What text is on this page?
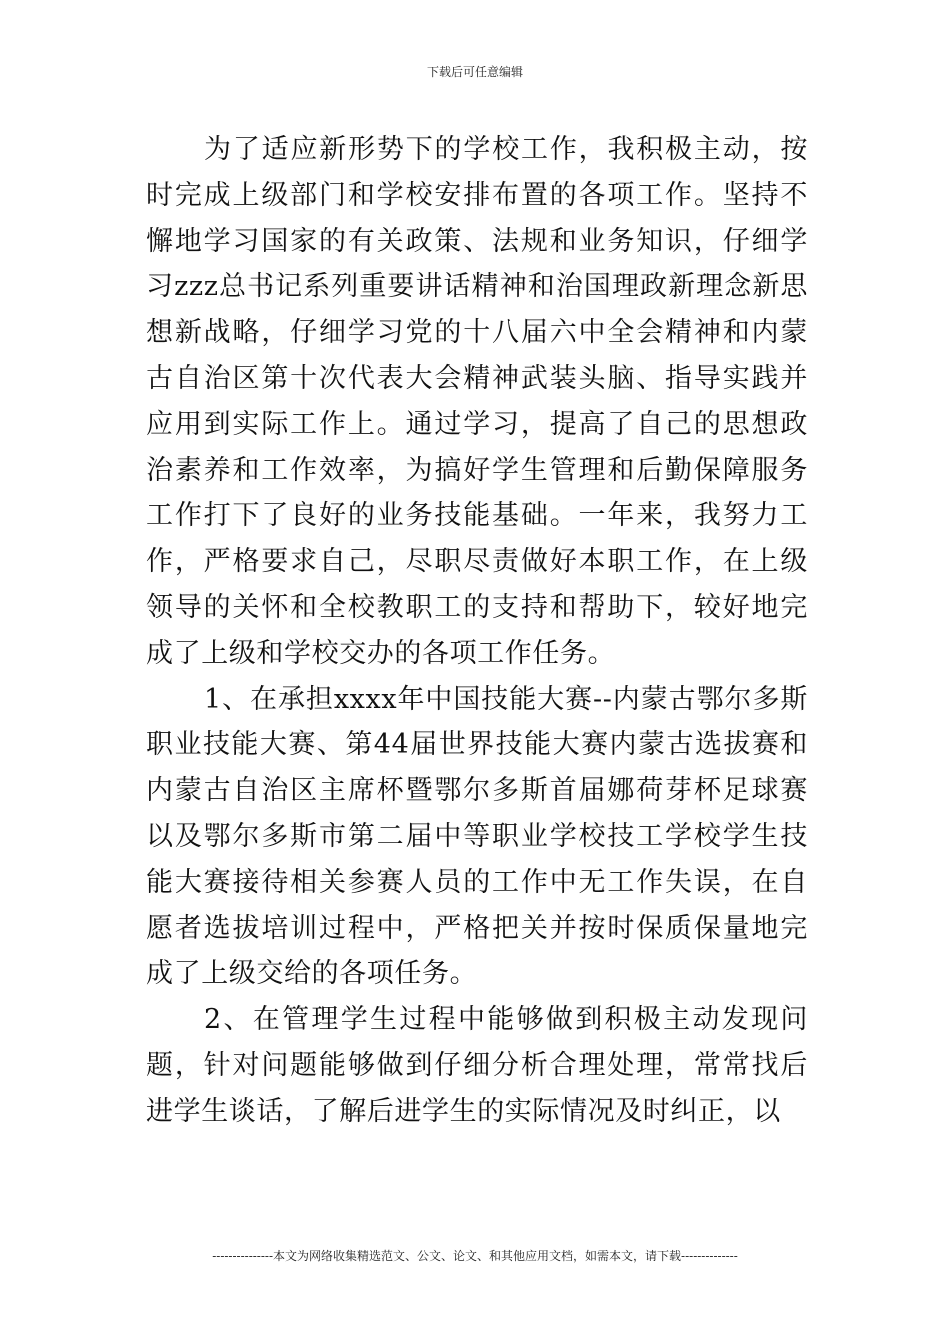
下载后可任意编辑

为了适应新形势下的学校工作，我积极主动，按时完成上级部门和学校安排布置的各项工作。坚持不懈地学习国家的有关政策、法规和业务知识，仔细学习zzz总书记系列重要讲话精神和治国理政新理念新思想新战略，仔细学习党的十八届六中全会精神和内蒙古自治区第十次代表大会精神武装头脑、指导实践并应用到实际工作上。通过学习，提高了自己的思想政治素养和工作效率，为搞好学生管理和后勤保障服务工作打下了良好的业务技能基础。一年来，我努力工作，严格要求自己，尽职尽责做好本职工作，在上级领导的关怀和全校教职工的支持和帮助下，较好地完成了上级和学校交办的各项工作任务。

1、在承担xxxx年中国技能大赛--内蒙古鄂尔多斯职业技能大赛、第44届世界技能大赛内蒙古选拔赛和内蒙古自治区主席杯暨鄂尔多斯首届娜荷芽杯足球赛以及鄂尔多斯市第二届中等职业学校技工学校学生技能大赛接待相关参赛人员的工作中无工作失误，在自愿者选拔培训过程中，严格把关并按时保质保量地完成了上级交给的各项任务。

2、在管理学生过程中能够做到积极主动发现问题，针对问题能够做到仔细分析合理处理，常常找后进学生谈话，了解后进学生的实际情况及时纠正，以

---------------本文为网络收集精选范文、公文、论文、和其他应用文档，如需本文，请下载--------------
